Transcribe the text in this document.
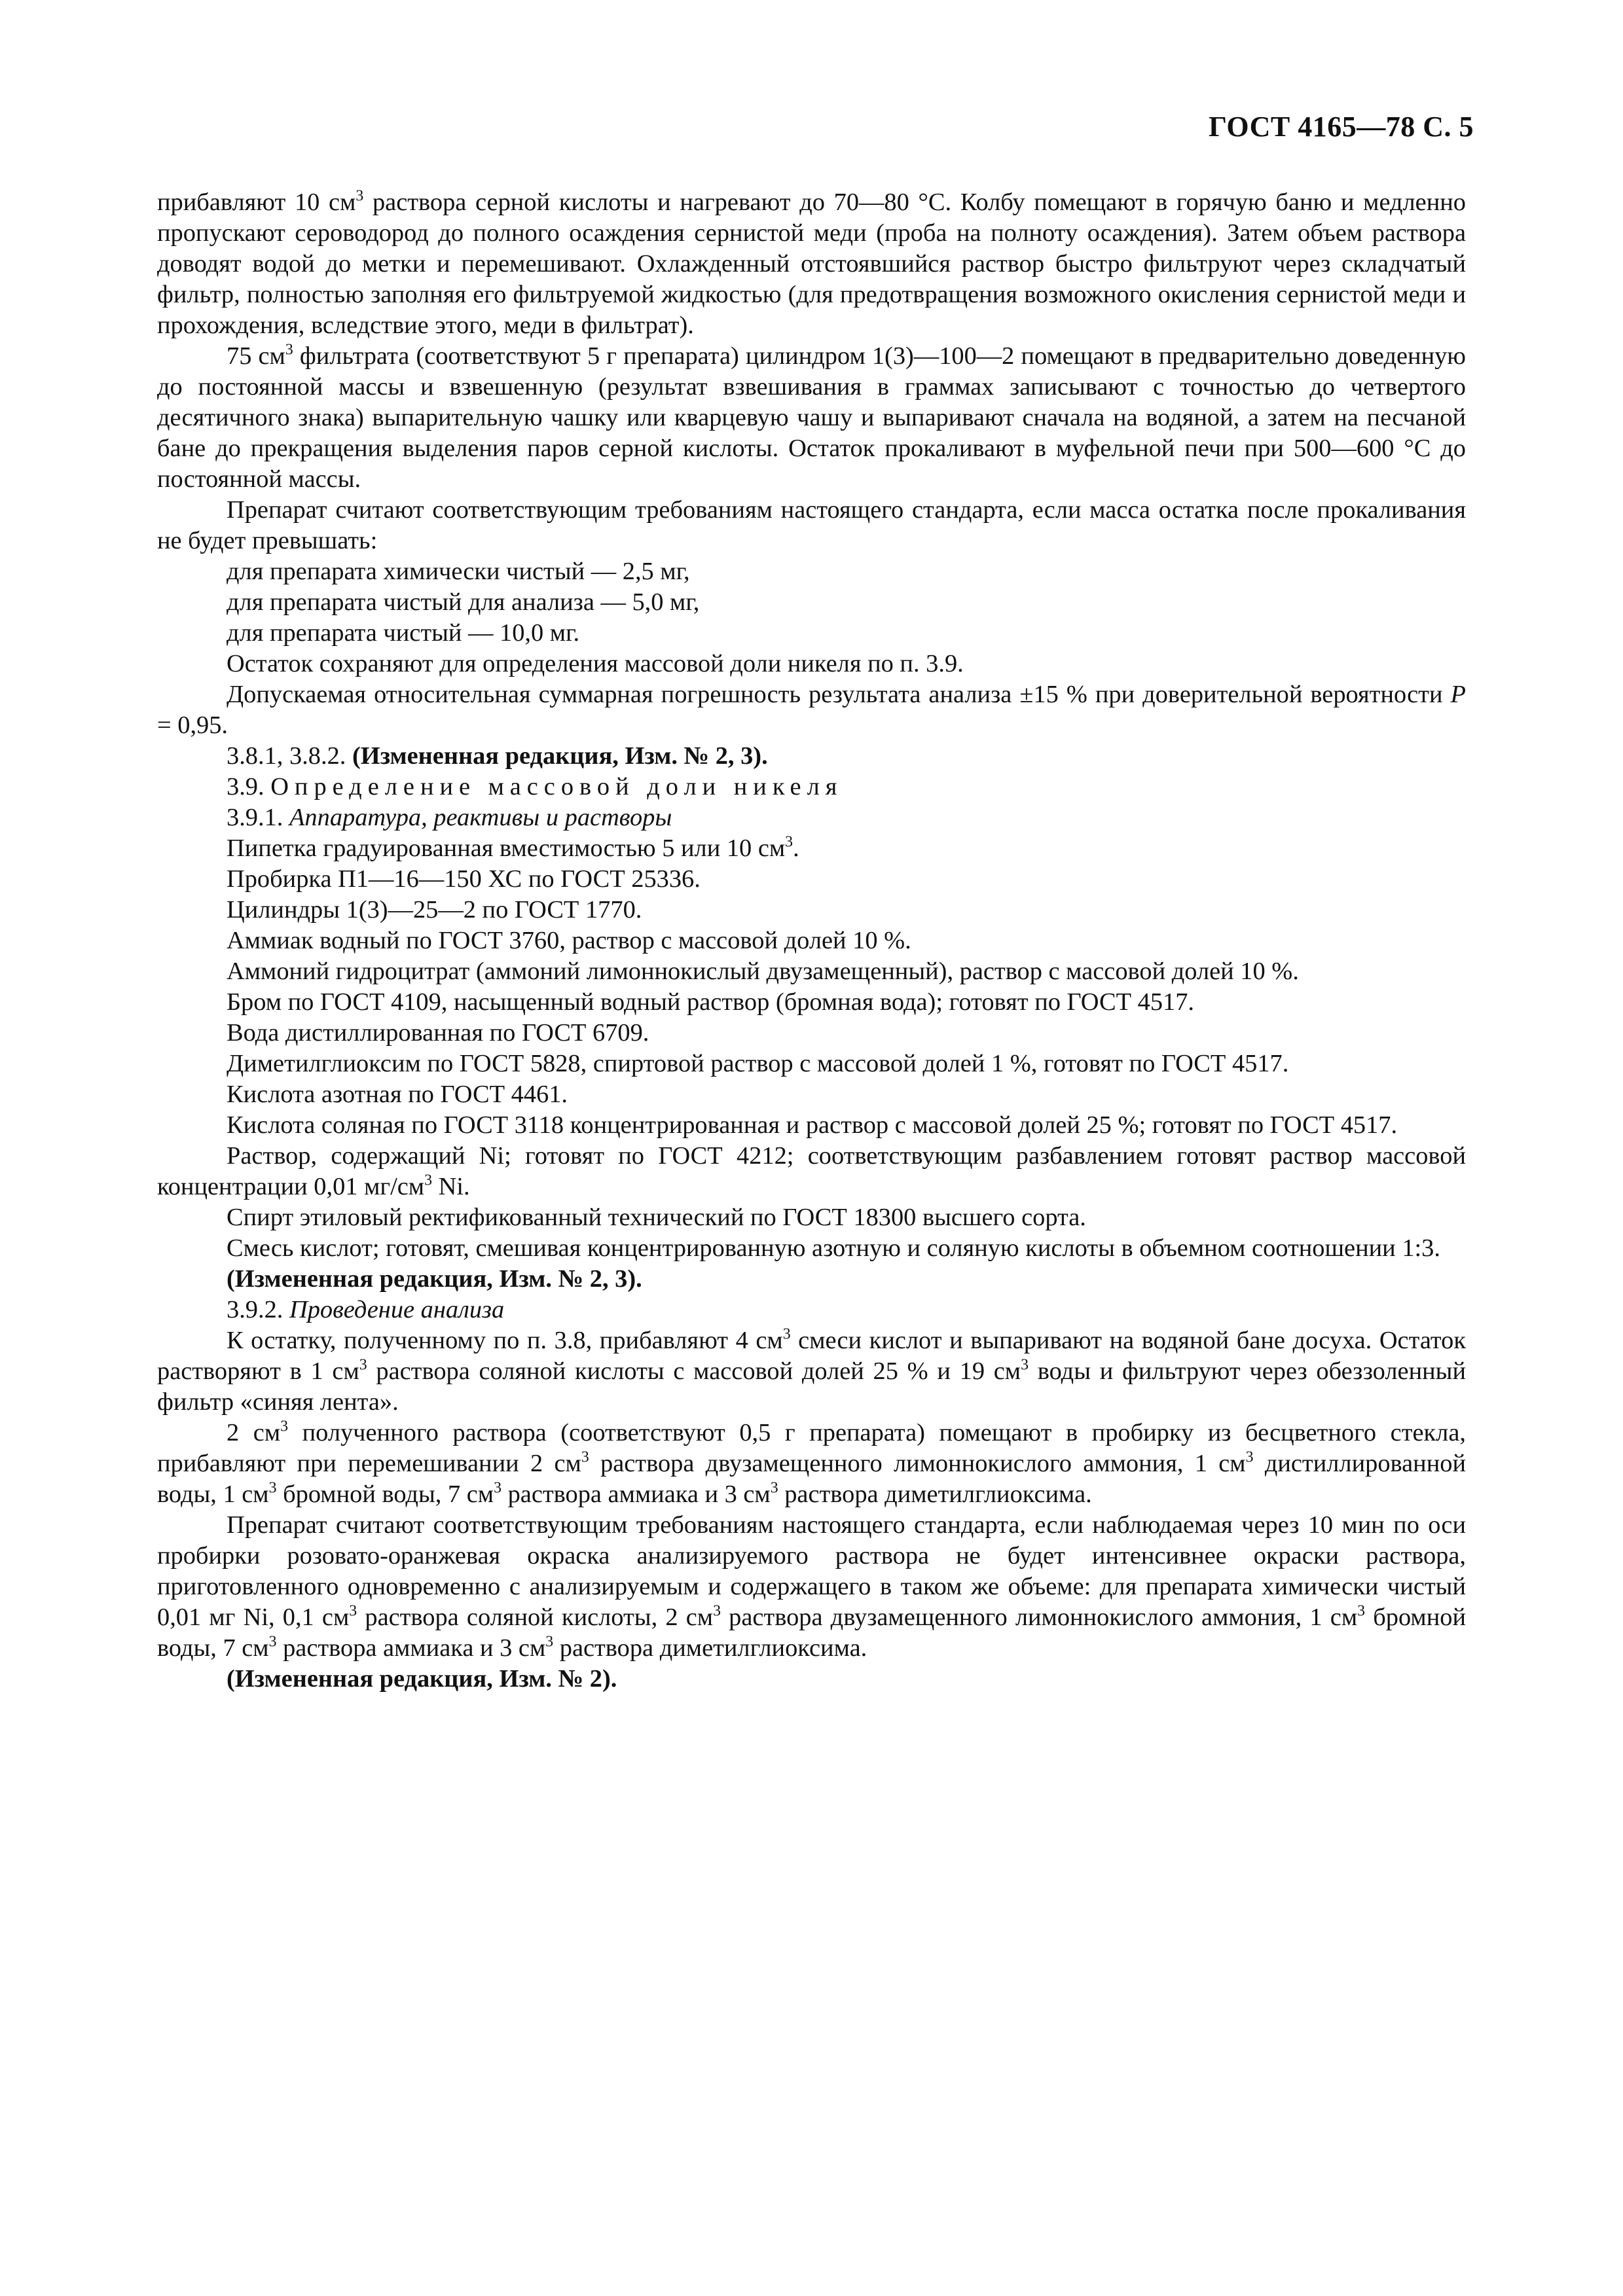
ГОСТ 4165—78 С. 5

прибавляют 10 $см^3$ раствора серной кислоты и нагревают до 70—80 °С. Колбу помещают в горячую баню и медленно пропускают сероводород до полного осаждения сернистой меди (проба на полноту осаждения). Затем объем раствора доводят водой до метки и перемешивают. Охлажденный отстоявшийся раствор быстро фильтруют через складчатый фильтр, полностью заполняя его фильтруемой жидкостью (для предотвращения возможного окисления сернистой меди и прохождения, вследствие этого, меди в фильтрат).

75 $см^3$ фильтрата (соответствуют 5 г препарата) цилиндром 1(3)—100—2 помещают в предварительно доведенную до постоянной массы и взвешенную (результат взвешивания в граммах записывают с точностью до четвертого десятичного знака) выпарительную чашку или кварцевую чашу и выпаривают сначала на водяной, а затем на песчаной бане до прекращения выделения паров серной кислоты. Остаток прокаливают в муфельной печи при 500—600 °С до постоянной массы.

Препарат считают соответствующим требованиям настоящего стандарта, если масса остатка после прокаливания не будет превышать:

для препарата химически чистый — 2,5 мг,

для препарата чистый для анализа — 5,0 мг,

для препарата чистый — 10,0 мг.

Остаток сохраняют для определения массовой доли никеля по п. 3.9.

Допускаемая относительная суммарная погрешность результата анализа ±15 % при доверительной вероятности P = 0,95.

3.8.1, 3.8.2. (Измененная редакция, Изм. № 2, 3).

3.9. Определение массовой доли никеля

3.9.1. Аппаратура, реактивы и растворы

Пипетка градуированная вместимостью 5 или 10 $см^3$.

Пробирка П1—16—150 ХС по ГОСТ 25336.

Цилиндры 1(3)—25—2 по ГОСТ 1770.

Аммиак водный по ГОСТ 3760, раствор с массовой долей 10 %.

Аммоний гидроцитрат (аммоний лимоннокислый двузамещенный), раствор с массовой долей 10 %.

Бром по ГОСТ 4109, насыщенный водный раствор (бромная вода); готовят по ГОСТ 4517.

Вода дистиллированная по ГОСТ 6709.

Диметилглиоксим по ГОСТ 5828, спиртовой раствор с массовой долей 1 %, готовят по ГОСТ 4517.

Кислота азотная по ГОСТ 4461.

Кислота соляная по ГОСТ 3118 концентрированная и раствор с массовой долей 25 %; готовят по ГОСТ 4517.

Раствор, содержащий Ni; готовят по ГОСТ 4212; соответствующим разбавлением готовят раствор массовой концентрации 0,01 $мг/см^3$ Ni.

Спирт этиловый ректификованный технический по ГОСТ 18300 высшего сорта.

Смесь кислот; готовят, смешивая концентрированную азотную и соляную кислоты в объемном соотношении 1:3.

(Измененная редакция, Изм. № 2, 3).

3.9.2. Проведение анализа

К остатку, полученному по п. 3.8, прибавляют 4 $см^3$ смеси кислот и выпаривают на водяной бане досуха. Остаток растворяют в 1 $см^3$ раствора соляной кислоты с массовой долей 25 % и 19 $см^3$ воды и фильтруют через обеззоленный фильтр «синяя лента».

2 $см^3$ полученного раствора (соответствуют 0,5 г препарата) помещают в пробирку из бесцветного стекла, прибавляют при перемешивании 2 $см^3$ раствора двузамещенного лимоннокислого аммония, 1 $см^3$ дистиллированной воды, 1 $см^3$ бромной воды, 7 $см^3$ раствора аммиака и 3 $см^3$ раствора диметилглиоксима.

Препарат считают соответствующим требованиям настоящего стандарта, если наблюдаемая через 10 мин по оси пробирки розовато-оранжевая окраска анализируемого раствора не будет интенсивнее окраски раствора, приготовленного одновременно с анализируемым и содержащего в таком же объеме: для препарата химически чистый 0,01 мг Ni, 0,1 $см^3$ раствора соляной кислоты, 2 $см^3$ раствора двузамещенного лимоннокислого аммония, 1 $см^3$ бромной воды, 7 $см^3$ раствора аммиака и 3 $см^3$ раствора диметилглиоксима.

(Измененная редакция, Изм. № 2).
